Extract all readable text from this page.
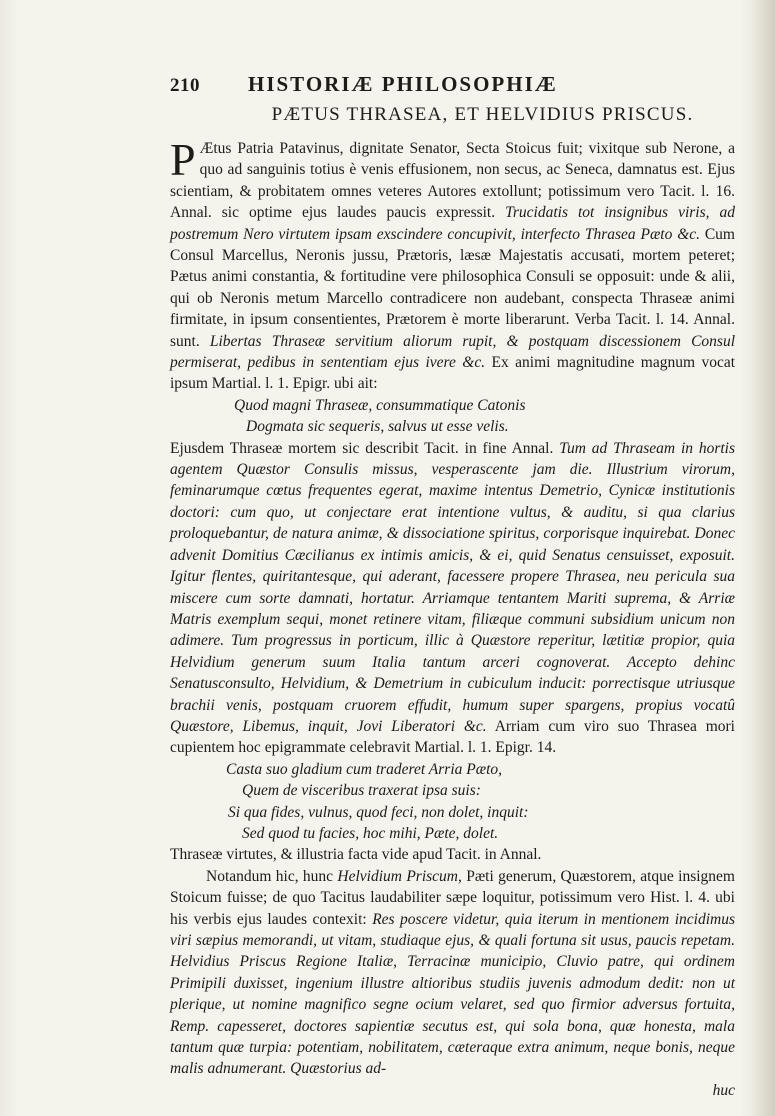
210	HISTORIÆ PHILOSOPHIÆ
PÆTUS THRASEA, ET HELVIDIUS PRISCUS.

P Ætus Patria Patavinus, dignitate Senator, Secta Stoicus fuit; vixitque sub Nerone, a quo ad sanguinis totius è venis effusionem, non secus, ac Seneca, damnatus est. Ejus scientiam, & probitatem omnes veteres Autores extollunt; potissimum vero Tacit. l. 16. Annal. sic optime ejus laudes paucis expressit. Trucidatis tot insignibus viris, ad postremum Nero virtutem ipsam exscindere concupivit, interfecto Thrasea Pæto &c. Cum Consul Marcellus, Neronis jussu, Prætoris, læsæ Majestatis accusati, mortem peteret; Pætus animi constantia, & fortitudine vere philosophica Consuli se opposuit: unde & alii, qui ob Neronis metum Marcello contradicere non audebant, conspecta Thraseæ animi firmitate, in ipsum consentientes, Prætorem è morte liberarunt. Verba Tacit. l. 14. Annal. sunt. Libertas Thraseæ servitium aliorum rupit, & postquam discessionem Consul permiserat, pedibus in sententiam ejus ivere &c. Ex animi magnitudine magnum vocat ipsum Martial. l. 1. Epigr. ubi ait:

Quod magni Thraseæ, consummatique Catonis
Dogmata sic sequeris, salvus ut esse velis.

Ejusdem Thraseæ mortem sic describit Tacit. in fine Annal. Tum ad Thraseam in hortis agentem Quæstor Consulis missus, vesperascente jam die. Illustrium virorum, feminarumque cœtus frequentes egerat, maxime intentus Demetrio, Cynicæ institutionis doctori: cum quo, ut conjectare erat intentione vultus, & auditu, si qua clarius proloquebantur, de natura animæ, & dissociatione spiritus, corporisque inquirebat. Donec advenit Domitius Cæcilianus ex intimis amicis, & ei, quid Senatus censuisset, exposuit. Igitur flentes, quiritantesque, qui aderant, facessere propere Thrasea, neu pericula sua miscere cum sorte damnati, hortatur. Arriamque tentantem Mariti suprema, & Arriæ Matris exemplum sequi, monet retinere vitam, filiæque communi subsidium unicum non adimere. Tum progressus in porticum, illic à Quæstore reperitur, lætitiæ propior, quia Helvidium generum suum Italia tantum arceri cognoverat. Accepto dehinc Senatusconsulto, Helvidium, & Demetrium in cubiculum inducit: porrectisque utriusque brachii venis, postquam cruorem effudit, humum super spargens, propius vocatû Quæstore, Libemus, inquit, Jovi Liberatori &c. Arriam cum viro suo Thrasea mori cupientem hoc epigrammate celebravit Martial. l. 1. Epigr. 14.

Casta suo gladium cum traderet Arria Pæto,
Quem de visceribus traxerat ipsa suis:
Si qua fides, vulnus, quod feci, non dolet, inquit:
Sed quod tu facies, hoc mihi, Pæte, dolet.

Thraseæ virtutes, & illustria facta vide apud Tacit. in Annal.

Notandum hic, hunc Helvidium Priscum, Pæti generum, Quæstorem, atque insignem Stoicum fuisse; de quo Tacitus laudabiliter sæpe loquitur, potissimum vero Hist. l. 4. ubi his verbis ejus laudes contexit: Res poscere videtur, quia iterum in mentionem incidimus viri sæpius memorandi, ut vitam, studiaque ejus, & quali fortuna sit usus, paucis repetam. Helvidius Priscus Regione Italiæ, Terracinæ municipio, Cluvio patre, qui ordinem Primipili duxisset, ingenium illustre altioribus studiis juvenis admodum dedit: non ut plerique, ut nomine magnifico segne ocium velaret, sed quo firmior adversus fortuita, Remp. capesseret, doctores sapientiæ secutus est, qui sola bona, quæ honesta, mala tantum quæ turpia: potentiam, nobilitatem, cæteraque extra animum, neque bonis, neque malis adnumerant. Quæstorius ad-

huc
